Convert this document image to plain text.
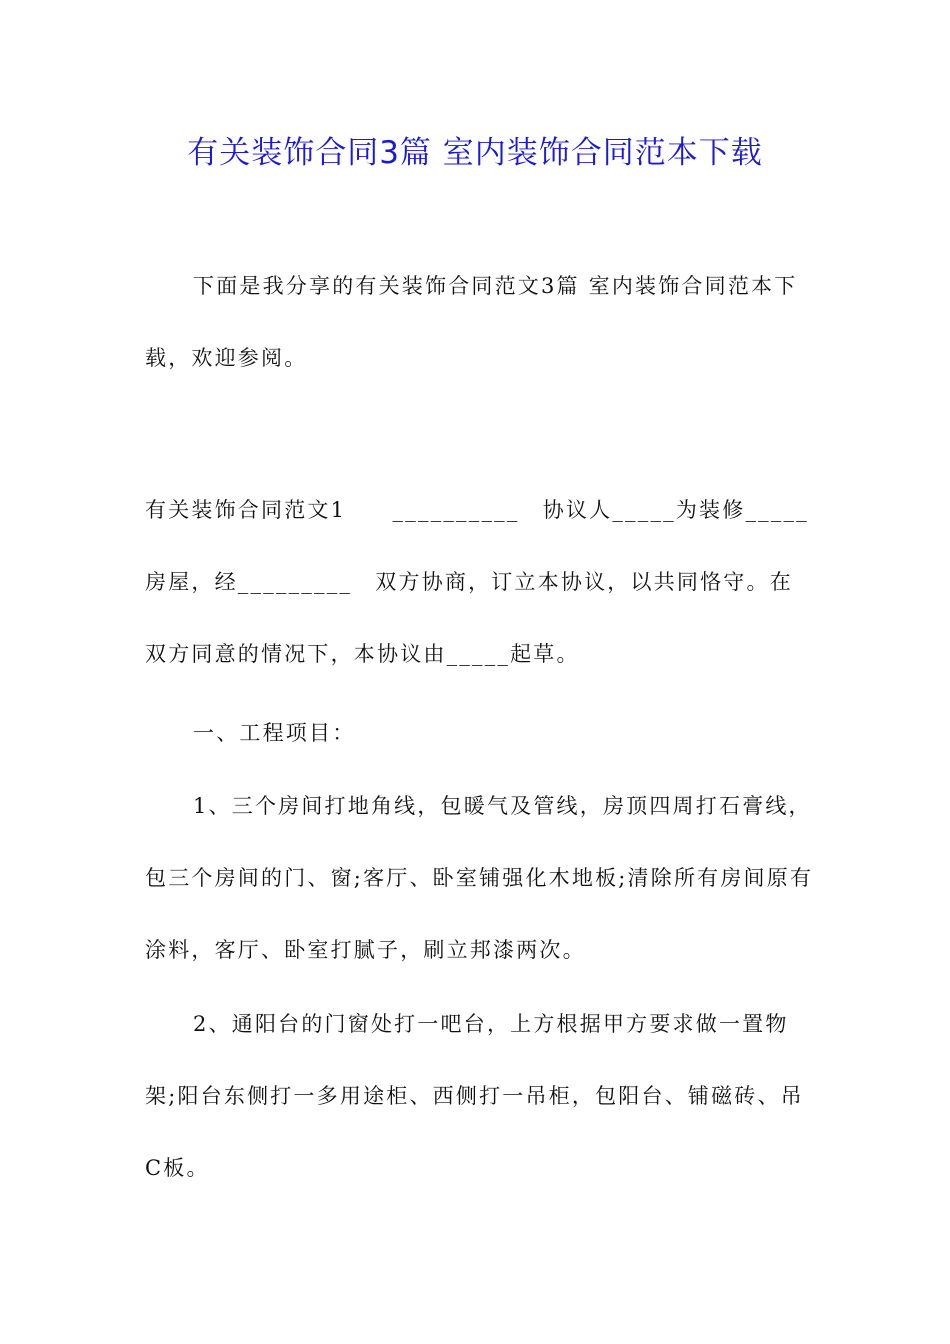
有关装饰合同3篇 室内装饰合同范本下载

下面是我分享的有关装饰合同范文3篇 室内装饰合同范本下载，欢迎参阅。

有关装饰合同范文1　　__________　协议人_____为装修_____房屋，经_________　双方协商，订立本协议，以共同恪守。在双方同意的情况下，本协议由_____起草。

一、工程项目：

1、三个房间打地角线，包暖气及管线，房顶四周打石膏线，包三个房间的门、窗;客厅、卧室铺强化木地板;清除所有房间原有涂料，客厅、卧室打腻子，刷立邦漆两次。

2、通阳台的门窗处打一吧台，上方根据甲方要求做一置物架;阳台东侧打一多用途柜、西侧打一吊柜，包阳台、铺磁砖、吊C板。
